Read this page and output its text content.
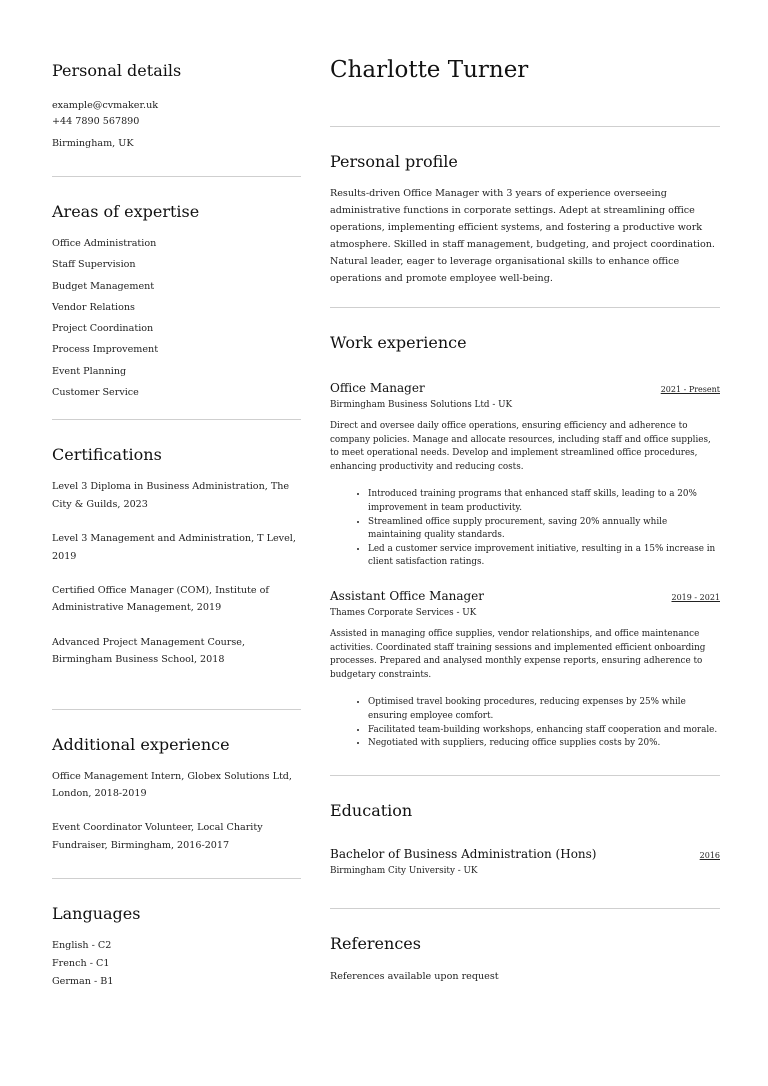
Personal details
example@cvmaker.uk
+44 7890 567890
Birmingham, UK
Areas of expertise
Office Administration
Staff Supervision
Budget Management
Vendor Relations
Project Coordination
Process Improvement
Event Planning
Customer Service
Certifications
Level 3 Diploma in Business Administration, The City & Guilds, 2023
Level 3 Management and Administration, T Level, 2019
Certified Office Manager (COM), Institute of Administrative Management, 2019
Advanced Project Management Course, Birmingham Business School, 2018
Additional experience
Office Management Intern, Globex Solutions Ltd, London, 2018-2019
Event Coordinator Volunteer, Local Charity Fundraiser, Birmingham, 2016-2017
Languages
English - C2
French - C1
German - B1
Charlotte Turner
Personal profile

Results-driven Office Manager with 3 years of experience overseeing administrative functions in corporate settings. Adept at streamlining office operations, implementing efficient systems, and fostering a productive work atmosphere. Skilled in staff management, budgeting, and project coordination. Natural leader, eager to leverage organisational skills to enhance office operations and promote employee well-being.

Work experience
Office Manager	2021 - Present
Birmingham Business Solutions Ltd - UK

Direct and oversee daily office operations, ensuring efficiency and adherence to company policies. Manage and allocate resources, including staff and office supplies, to meet operational needs. Develop and implement streamlined office procedures, enhancing productivity and reducing costs.

• Introduced training programs that enhanced staff skills, leading to a 20% improvement in team productivity.
• Streamlined office supply procurement, saving 20% annually while maintaining quality standards.
• Led a customer service improvement initiative, resulting in a 15% increase in client satisfaction ratings.
Assistant Office Manager	2019 - 2021
Thames Corporate Services - UK

Assisted in managing office supplies, vendor relationships, and office maintenance activities. Coordinated staff training sessions and implemented efficient onboarding processes. Prepared and analysed monthly expense reports, ensuring adherence to budgetary constraints.

• Optimised travel booking procedures, reducing expenses by 25% while ensuring employee comfort.
• Facilitated team-building workshops, enhancing staff cooperation and morale.
• Negotiated with suppliers, reducing office supplies costs by 20%.
Education
Bachelor of Business Administration (Hons)	2016
Birmingham City University - UK
References

References available upon request
